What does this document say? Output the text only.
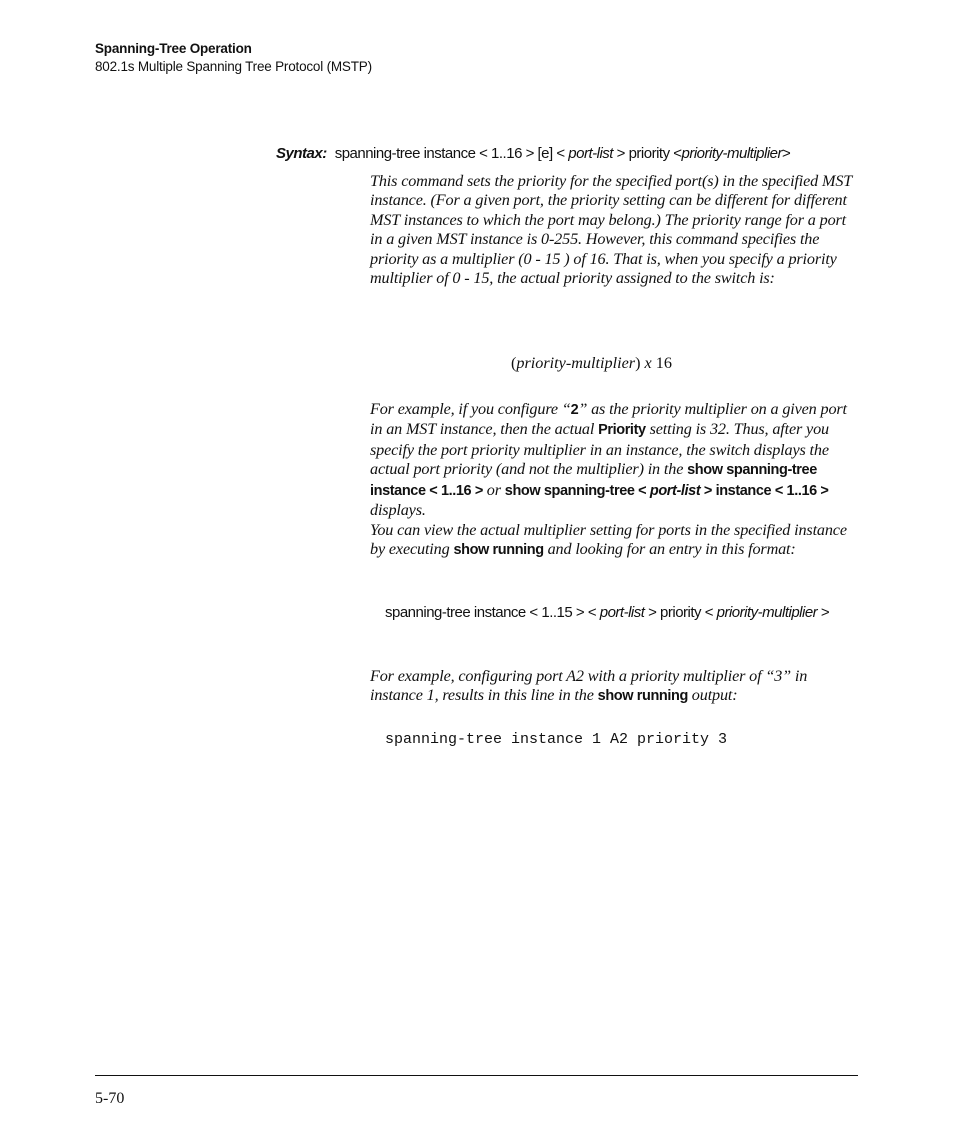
Spanning-Tree Operation
802.1s Multiple Spanning Tree Protocol (MSTP)
Syntax: spanning-tree instance < 1..16 > [e] < port-list > priority <priority-multiplier>
This command sets the priority for the specified port(s) in the specified MST instance. (For a given port, the priority setting can be different for different MST instances to which the port may belong.) The priority range for a port in a given MST instance is 0-255. However, this command specifies the priority as a multiplier (0 - 15 ) of 16. That is, when you specify a priority multiplier of 0 - 15, the actual priority assigned to the switch is:
(priority-multiplier) x 16
For example, if you configure “2” as the priority multiplier on a given port in an MST instance, then the actual Priority setting is 32. Thus, after you specify the port priority multiplier in an instance, the switch displays the actual port priority (and not the multiplier) in the show spanning-tree instance < 1..16 > or show spanning-tree < port-list > instance < 1..16 > displays.
You can view the actual multiplier setting for ports in the specified instance by executing show running and looking for an entry in this format:
spanning-tree instance < 1..15 > < port-list > priority < priority-multiplier >
For example, configuring port A2 with a priority multiplier of “3” in instance 1, results in this line in the show running output:
spanning-tree instance 1 A2 priority 3
5-70
